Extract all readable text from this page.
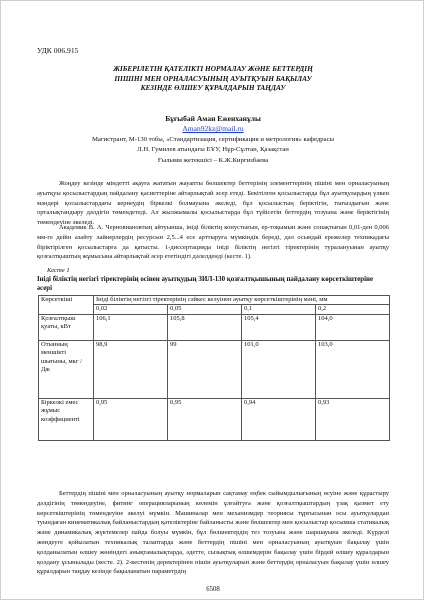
УДК 006.915
ЖІБЕРІЛЕТІН ҚАТЕЛІКТІ НОРМАЛАУ ЖӘНЕ БЕТТЕРДІҢ
ПІШІНІ МЕН ОРНАЛАСУЫНЫҢ АУЫТҚУЫН БАҚЫЛАУ
КЕЗІНДЕ ӨЛШЕУ ҚҰРАЛДАРЫН ТАҢДАУ
Бұғыбай Аман Еженханұлы
Aman92kz@mail.ru
Магистрант, М-130 тобы, «Стандартизация, сертификация и метрология» кафедрасы
Л.Н. Гумилев атындағы ЕҰУ, Нұр-Сұлтан, Қазақстан
Ғылыми жетекшісі – К.Ж.Киргизбаева

Жоңдеу кезінде міндетті ақауға жататын жауапты бөлшектер беттерінің элементтерінің пішіні мен орналасуының ауытқуы қосылыстардың пайдалану қасиеттеріне айтарлықтай әсер етеді. Бекітілген қосылыстарда бұл ауытқулардың үлкен мәндері қосылыстардағы кернеудің біркелкі болмауына әкеледі, бұл қосылыстың беріктігін, тығыздығын және орталықтандыру дәлдігін төмендетеді. Ал жылжымалы қосылыстарда бұл түйісетін беттердің тозуына және беріктігінің төмендеуіне әкеледі.

Академик В. А. Черновиановтың айтуынша, ініді біліктің конустығын, ер-тоқымын және сопақтығын 0,01-ден 0,006 мм-ге дейін азайту лайнерлердің ресурсын 2,5...4 есе арттыруға мүмкіндік береді, дәл осындай ережелер техникадағы біріктірілген қосылыстарға да қатысты. 1-диссертацияда ініді біліктің негізгі тіректерінің туралануынан ауытқу қозғалтқыштың жұмысына айтарлықтай әсер ететіндігі дәлелденді (кесте. 1).

Кесте 1

Ініді біліктің негізгі тіректерінің осінен ауытқудың ЗИЛ-130 қозғалтқышының пайдалану көрсеткіштеріне әсері

Көрсеткіші	Ініді біліктің негізгі тіректерінің сәйкес келуінен ауытқу көрсеткіштерінің мәні, мм			
	0,02	0,05	0,1	0,2
Қозғалтқыш қуаты, кВт	106,1	105,8	105,4	104,0
Отынның меншікті шығыны, мкг / Дж	98,9	99	101,0	103,0
Біркелкі емес жұмыс коэффициенті	0,95	0,95	0,94	0,93

Беттердің пішіні мен орналасуының ауытқу нормаларын сақтамау еңбек сыйымдылығының өсуіне және құрастыру дәлдігінің төмендеуіне, фитинг операцияларының көлемін ұлғайтуға және қозғалтқыштардың үзақ қызмет ету көрсеткіштерінің төмендеуіне әкелуі мүмкін. Машиналар мен механизмдер теориясы тұрғысынан осы ауытқулардан туындаған кинематикалық байланыстардың қателіктеріне байланысты және бөлшектер мен қосылыстар қосымша статикалық және динамикалық жүктемелер пайда болуы мүмкін, бұл бөлшектердің тез тозуына және шаршауына әкеледі. Күрделі жөндеуге қойылатын техникалық талаптарда және беттердің пішіні мен орналасуының ауытқуын бақылау үшін қолданылатын өлшеу жөніндегі анықтамалықтарда, әдетте, сызықтық өлшемдерін бақылау үшін бірдей өлшеу құралдарын қолдану ұсынылады (кесте. 2). 2-кестенің деректерінен пішін ауытқуларын және беттердің орналасуын бақылау үшін өлшеу құралдарын таңдау кезінде бақыланатын параметрдің

6508
